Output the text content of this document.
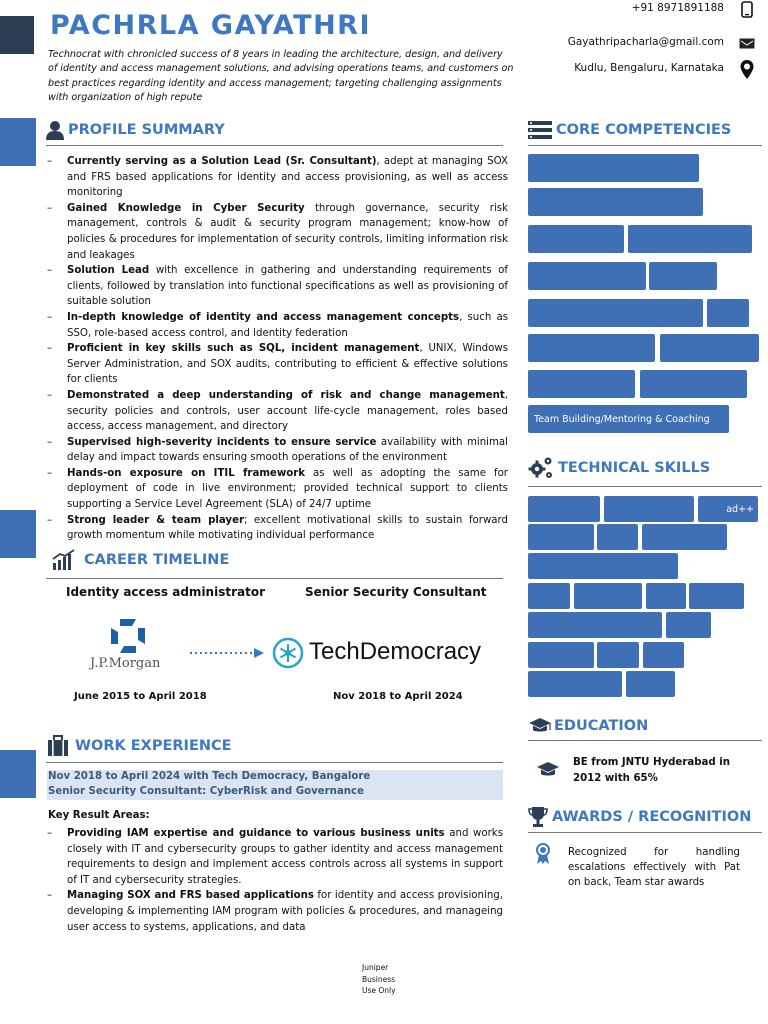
PACHRLA GAYATHRI
Technocrat with chronicled success of 8 years in leading the architecture, design, and delivery of identity and access management solutions, and advising operations teams, and customers on best practices regarding identity and access management; targeting challenging assignments with organization of high repute
+91 8971891188
Gayathripacharla@gmail.com
Kudlu, Bengaluru, Karnataka
PROFILE SUMMARY
– Currently serving as a Solution Lead (Sr. Consultant), adept at managing SOX and FRS based applications for identity and access provisioning, as well as access monitoring
– Gained Knowledge in Cyber Security through governance, security risk management, controls & audit & security program management; know-how of policies & procedures for implementation of security controls, limiting information risk and leakages
– Solution Lead with excellence in gathering and understanding requirements of clients, followed by translation into functional specifications as well as provisioning of suitable solution
– In-depth knowledge of identity and access management concepts, such as SSO, role-based access control, and identity federation
– Proficient in key skills such as SQL, incident management, UNIX, Windows Server Administration, and SOX audits, contributing to efficient & effective solutions for clients
– Demonstrated a deep understanding of risk and change management, security policies and controls, user account life-cycle management, roles based access, access management, and directory
– Supervised high-severity incidents to ensure service availability with minimal delay and impact towards ensuring smooth operations of the environment
– Hands-on exposure on ITIL framework as well as adopting the same for deployment of code in live environment; provided technical support to clients supporting a Service Level Agreement (SLA) of 24/7 uptime
– Strong leader & team player; excellent motivational skills to sustain forward growth momentum while motivating individual performance
CAREER TIMELINE
Identity access administrator	Senior Security Consultant
J.P.Morgan	TechDemocracy
June 2015 to April 2018	Nov 2018 to April 2024
WORK EXPERIENCE
Nov 2018 to April 2024 with Tech Democracy, Bangalore
Senior Security Consultant: CyberRisk and Governance
Key Result Areas:
– Providing IAM expertise and guidance to various business units and works closely with IT and cybersecurity groups to gather identity and access management requirements to design and implement access controls across all systems in support of IT and cybersecurity strategies.
– Managing SOX and FRS based applications for identity and access provisioning, developing & implementing IAM program with policies & procedures, and manageing user access to systems, applications, and data
CORE COMPETENCIES
Team Building/Mentoring & Coaching
TECHNICAL SKILLS
ad++
EDUCATION
BE from JNTU Hyderabad in 2012 with 65%
AWARDS / RECOGNITION
Recognized for handling escalations effectively with Pat on back, Team star awards
Juniper
Business
Use Only
